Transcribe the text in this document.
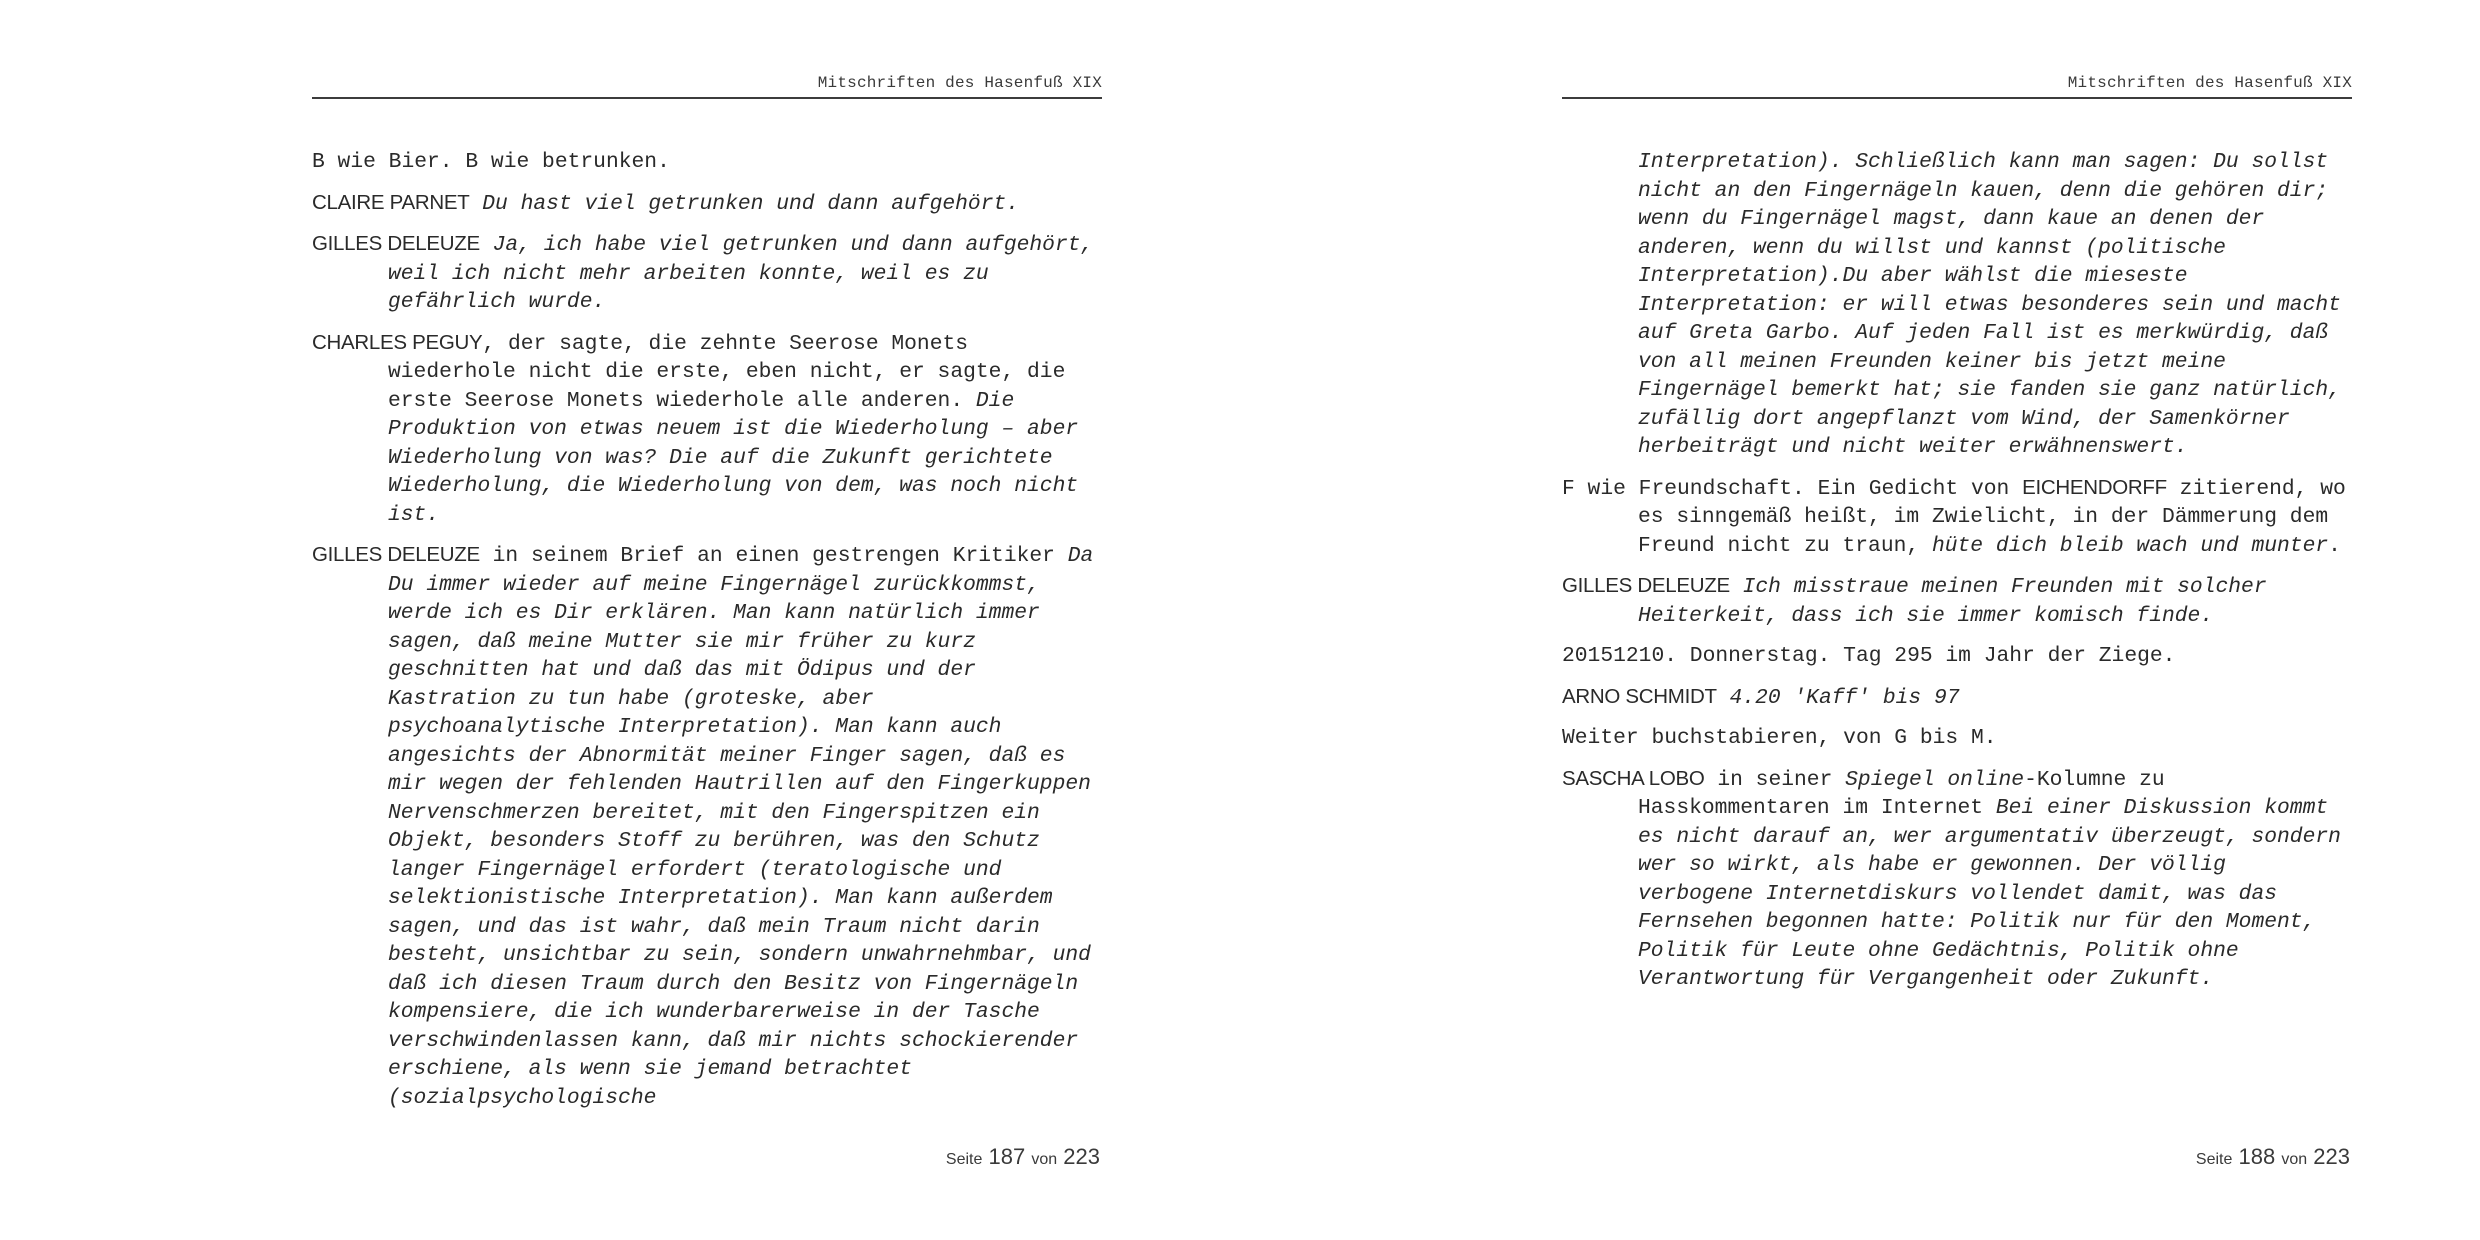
Mitschriften des Hasenfuß XIX

B wie Bier. B wie betrunken.

CLAIRE PARNET Du hast viel getrunken und dann aufgehört.

GILLES DELEUZE Ja, ich habe viel getrunken und dann aufgehört, weil ich nicht mehr arbeiten konnte, weil es zu gefährlich wurde.

CHARLES PEGUY, der sagte, die zehnte Seerose Monets wiederhole nicht die erste, eben nicht, er sagte, die erste Seerose Monets wiederhole alle anderen. Die Produktion von etwas neuem ist die Wiederholung – aber Wiederholung von was? Die auf die Zukunft gerichtete Wiederholung, die Wiederholung von dem, was noch nicht ist.

GILLES DELEUZE in seinem Brief an einen gestrengen Kritiker Da Du immer wieder auf meine Fingernägel zurückkommst, werde ich es Dir erklären. Man kann natürlich immer sagen, daß meine Mutter sie mir früher zu kurz geschnitten hat und daß das mit Ödipus und der Kastration zu tun habe (groteske, aber psychoanalytische Interpretation). Man kann auch angesichts der Abnormität meiner Finger sagen, daß es mir wegen der fehlenden Hautrillen auf den Fingerkuppen Nervenschmerzen bereitet, mit den Fingerspitzen ein Objekt, besonders Stoff zu berühren, was den Schutz langer Fingernägel erfordert (teratologische und selektionistische Interpretation). Man kann außerdem sagen, und das ist wahr, daß mein Traum nicht darin besteht, unsichtbar zu sein, sondern unwahrnehmbar, und daß ich diesen Traum durch den Besitz von Fingernägeln kompensiere, die ich wunderbarerweise in der Tasche verschwindenlassen kann, daß mir nichts schockierender erschiene, als wenn sie jemand betrachtet (sozialpsychologische

Seite 187 von 223
Mitschriften des Hasenfuß XIX

Interpretation). Schließlich kann man sagen: Du sollst nicht an den Fingernägeln kauen, denn die gehören dir; wenn du Fingernägel magst, dann kaue an denen der anderen, wenn du willst und kannst (politische Interpretation).Du aber wählst die mieseste Interpretation: er will etwas besonderes sein und macht auf Greta Garbo. Auf jeden Fall ist es merkwürdig, daß von all meinen Freunden keiner bis jetzt meine Fingernägel bemerkt hat; sie fanden sie ganz natürlich, zufällig dort angepflanzt vom Wind, der Samenkörner herbeiträgt und nicht weiter erwähnenswert.

F wie Freundschaft. Ein Gedicht von EICHENDORFF zitierend, wo es sinngemäß heißt, im Zwielicht, in der Dämmerung dem Freund nicht zu traun, hüte dich bleib wach und munter.

GILLES DELEUZE Ich misstraue meinen Freunden mit solcher Heiterkeit, dass ich sie immer komisch finde.

20151210. Donnerstag. Tag 295 im Jahr der Ziege.

ARNO SCHMIDT 4.20 'Kaff' bis 97

Weiter buchstabieren, von G bis M.

SASCHA LOBO in seiner Spiegel online-Kolumne zu Hasskommentaren im Internet Bei einer Diskussion kommt es nicht darauf an, wer argumentativ überzeugt, sondern wer so wirkt, als habe er gewonnen. Der völlig verbogene Internetdiskurs vollendet damit, was das Fernsehen begonnen hatte: Politik nur für den Moment, Politik für Leute ohne Gedächtnis, Politik ohne Verantwortung für Vergangenheit oder Zukunft.

Seite 188 von 223
